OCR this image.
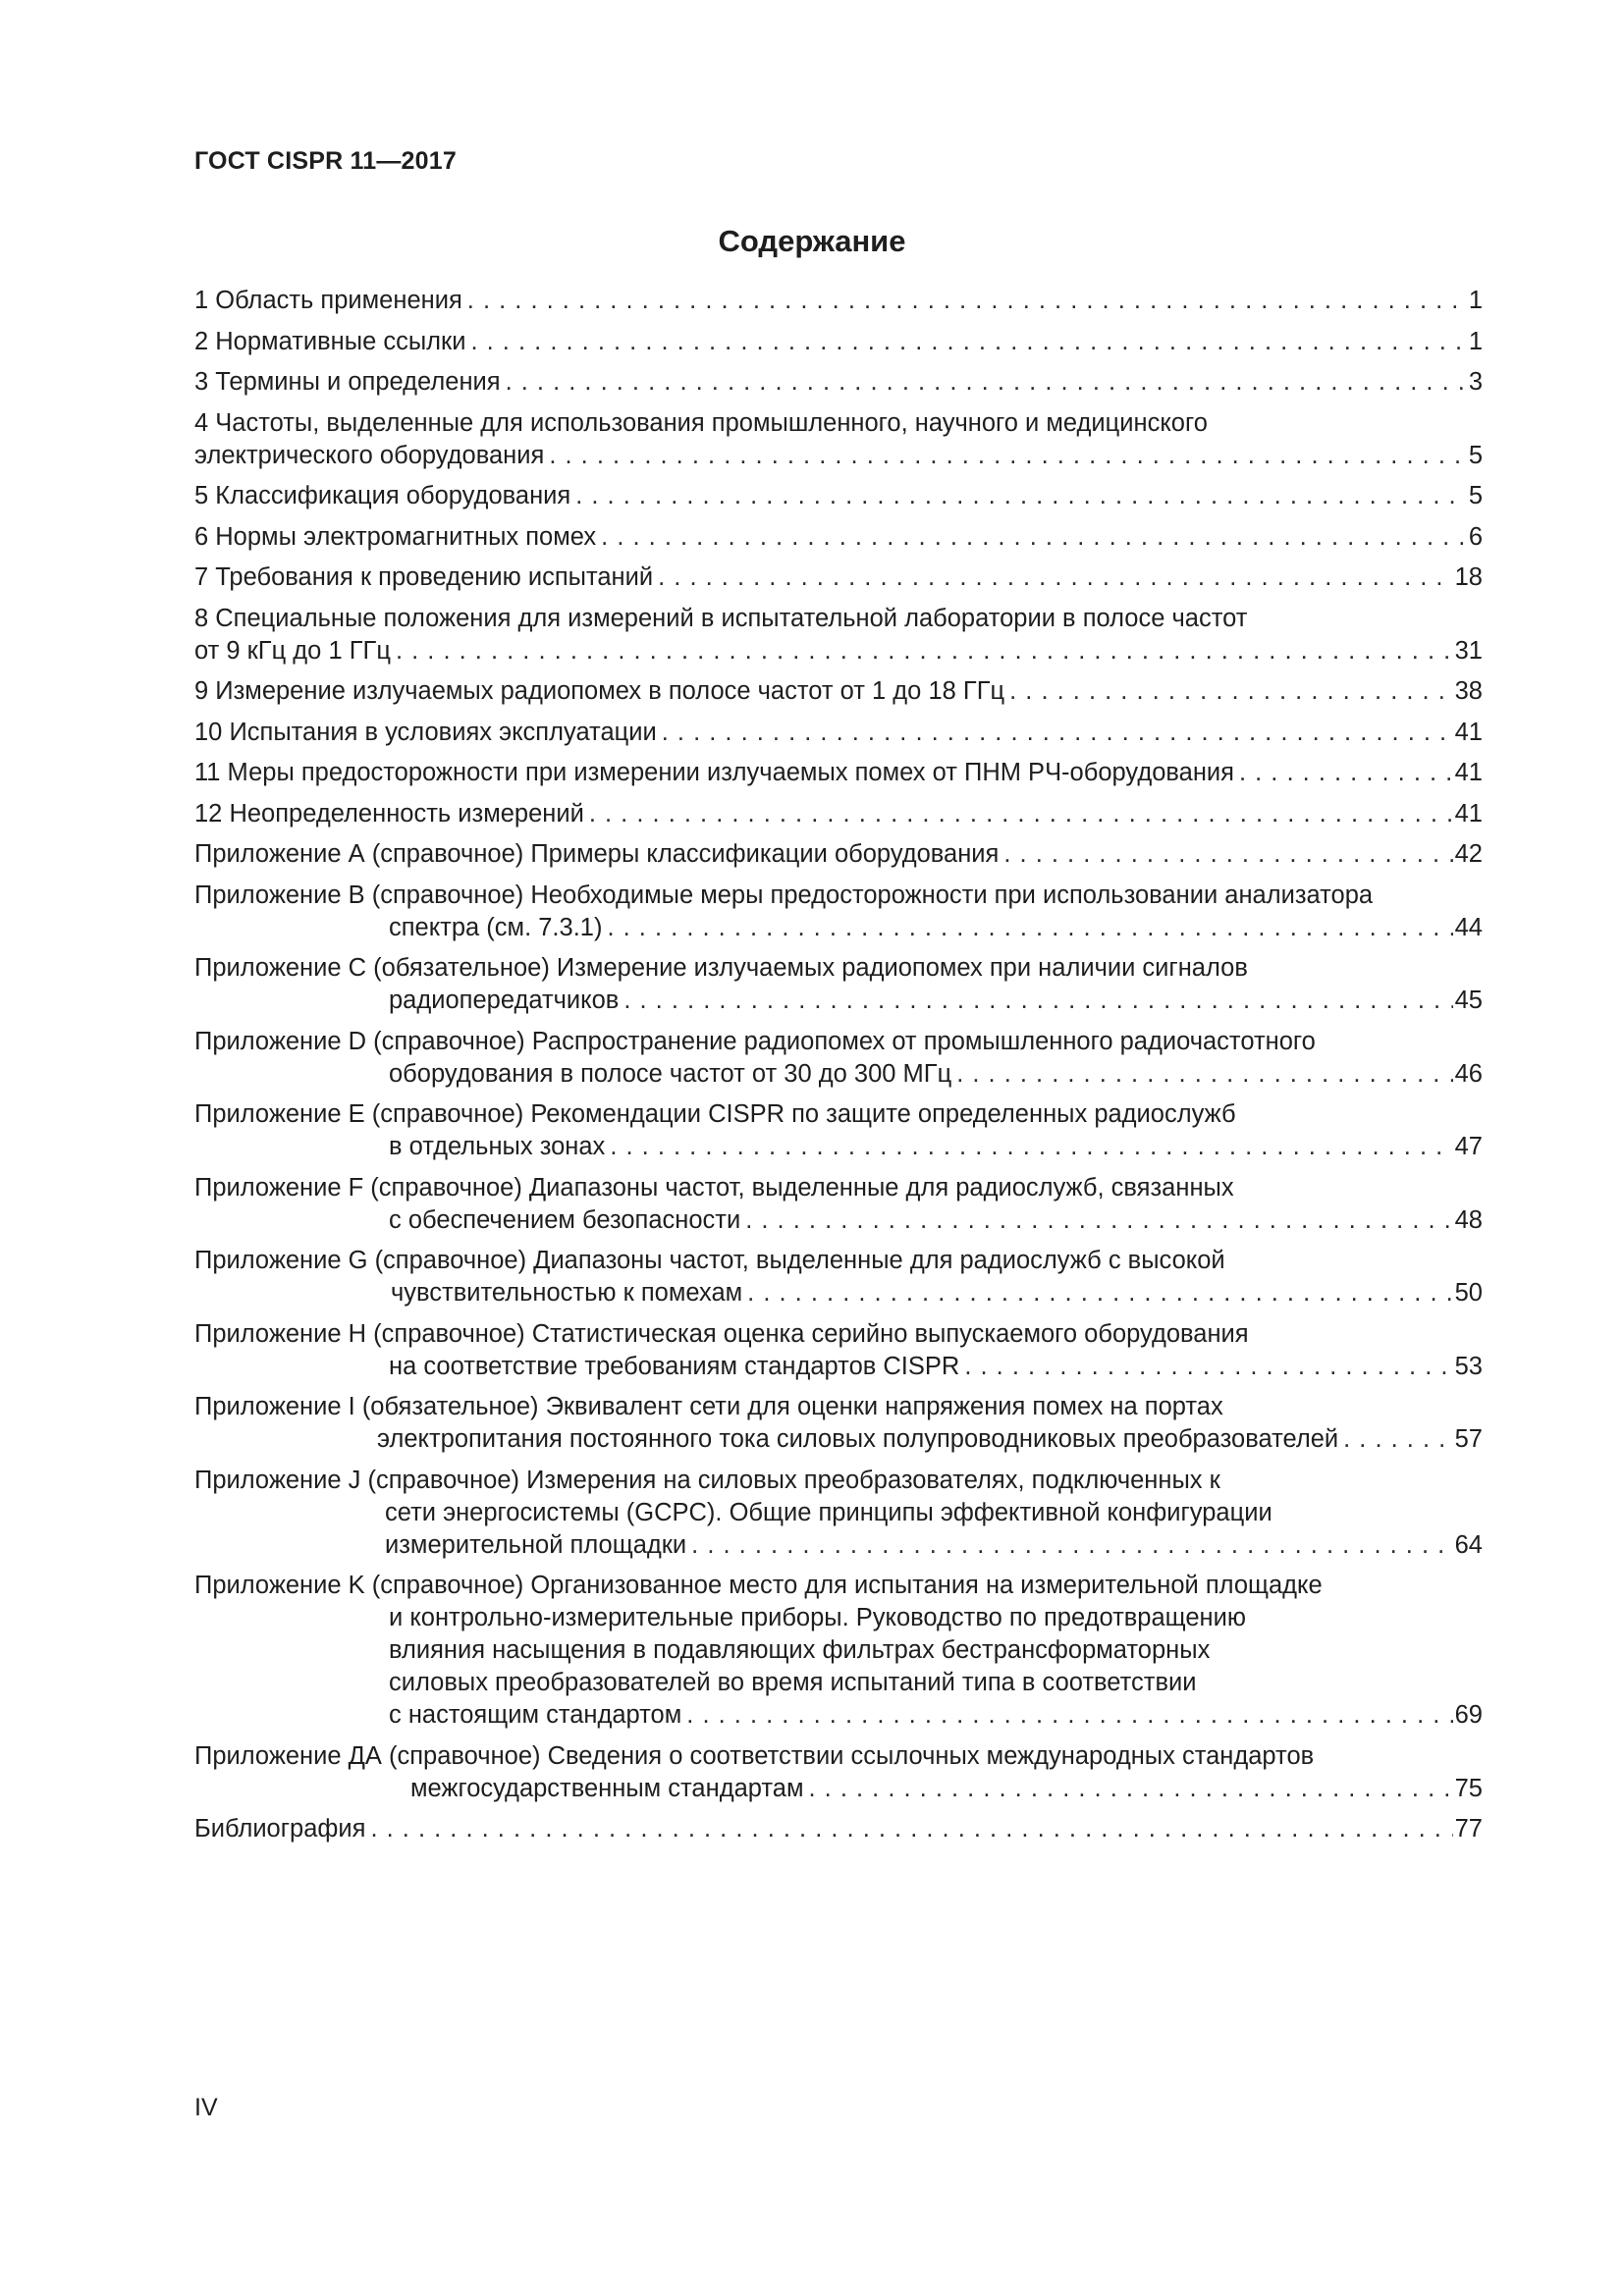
ГОСТ CISPR 11—2017
Содержание
1 Область применения . . .	1
2 Нормативные ссылки . . .	1
3 Термины и определения . . .	3
4 Частоты, выделенные для использования промышленного, научного и медицинского
электрического оборудования . . .	5
5 Классификация оборудования . . .	5
6 Нормы электромагнитных помех . . .	6
7 Требования к проведению испытаний . . .	18
8 Специальные положения для измерений в испытательной лаборатории в полосе частот
от 9 кГц до 1 ГГц . . .	31
9 Измерение излучаемых радиопомех в полосе частот от 1 до 18 ГГц . . .	38
10 Испытания в условиях эксплуатации . . .	41
11 Меры предосторожности при измерении излучаемых помех от ПНМ РЧ-оборудования . . .	41
12 Неопределенность измерений . . .	41
Приложение А (справочное) Примеры классификации оборудования . . .	42
Приложение В (справочное) Необходимые меры предосторожности при использовании анализатора
спектра (см. 7.3.1) . . .	44
Приложение С (обязательное) Измерение излучаемых радиопомех при наличии сигналов
радиопередатчиков . . .	45
Приложение D (справочное) Распространение радиопомех от промышленного радиочастотного
оборудования в полосе частот от 30 до 300 МГц . . .	46
Приложение Е (справочное) Рекомендации CISPR по защите определенных радиослужб
в отдельных зонах . . .	47
Приложение F (справочное) Диапазоны частот, выделенные для радиослужб, связанных
с обеспечением безопасности . . .	48
Приложение G (справочное) Диапазоны частот, выделенные для радиослужб с высокой
чувствительностью к помехам . . .	50
Приложение Н (справочное) Статистическая оценка серийно выпускаемого оборудования
на соответствие требованиям стандартов CISPR . . .	53
Приложение I (обязательное) Эквивалент сети для оценки напряжения помех на портах
электропитания постоянного тока силовых полупроводниковых преобразователей . . .	57
Приложение J (справочное) Измерения на силовых преобразователях, подключенных к
сети энергосистемы (GCPC). Общие принципы эффективной конфигурации
измерительной площадки . . .	64
Приложение K (справочное) Организованное место для испытания на измерительной площадке
и контрольно-измерительные приборы. Руководство по предотвращению
влияния насыщения в подавляющих фильтрах бестрансформаторных
силовых преобразователей во время испытаний типа в соответствии
с настоящим стандартом . . .	69
Приложение ДА (справочное) Сведения о соответствии ссылочных международных стандартов
межгосударственным стандартам . . .	75
Библиография . . .	77
IV
